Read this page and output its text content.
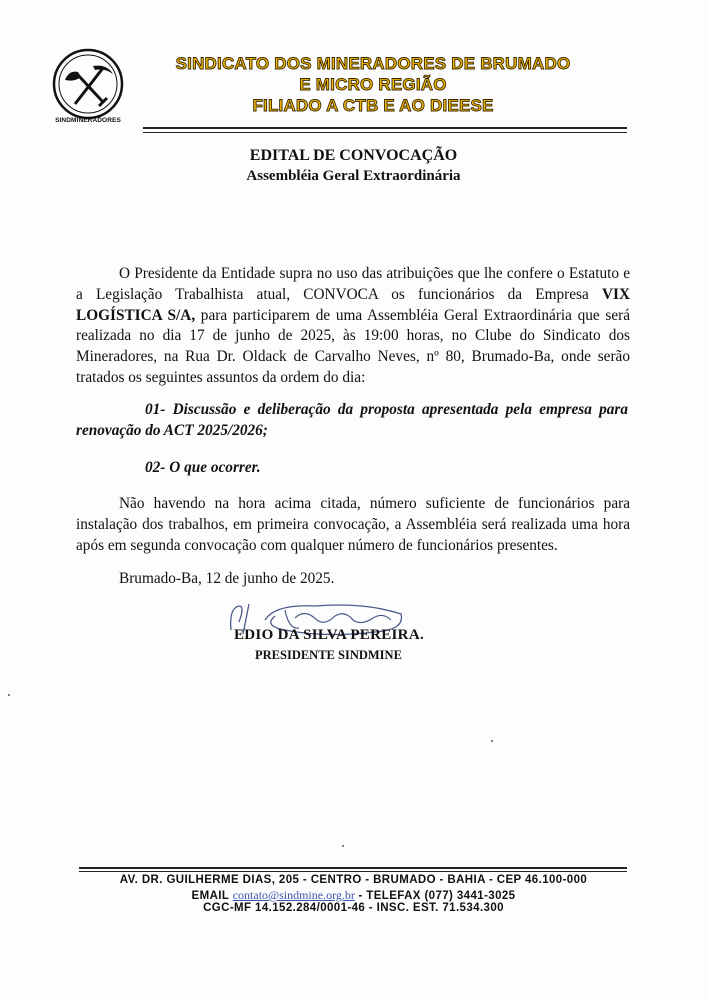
SINDMINERADORES
SINDICATO DOS MINERADORES DE BRUMADO
E MICRO REGIÃO
FILIADO A CTB E AO DIEESE
EDITAL DE CONVOCAÇÃO
Assembléia Geral Extraordinária
O Presidente da Entidade supra no uso das atribuições que lhe confere o Estatuto e a Legislação Trabalhista atual, CONVOCA os funcionários da Empresa VIX LOGÍSTICA S/A, para participarem de uma Assembléia Geral Extraordinária que será realizada no dia 17 de junho de 2025, às 19:00 horas, no Clube do Sindicato dos Mineradores, na Rua Dr. Oldack de Carvalho Neves, nº 80, Brumado-Ba, onde serão tratados os seguintes assuntos da ordem do dia:
01- Discussão e deliberação da proposta apresentada pela empresa para renovação do ACT 2025/2026;
02- O que ocorrer.
Não havendo na hora acima citada, número suficiente de funcionários para instalação dos trabalhos, em primeira convocação, a Assembléia será realizada uma hora após em segunda convocação com qualquer número de funcionários presentes.
Brumado-Ba, 12 de junho de 2025.
EDIO DA SILVA PEREIRA.
PRESIDENTE SINDMINE
AV. DR. GUILHERME DIAS, 205 - CENTRO - BRUMADO - BAHIA - CEP 46.100-000
EMAIL contato@sindmine.org.br - TELEFAX (077) 3441-3025
CGC-MF 14.152.284/0001-46 - INSC. EST. 71.534.300
